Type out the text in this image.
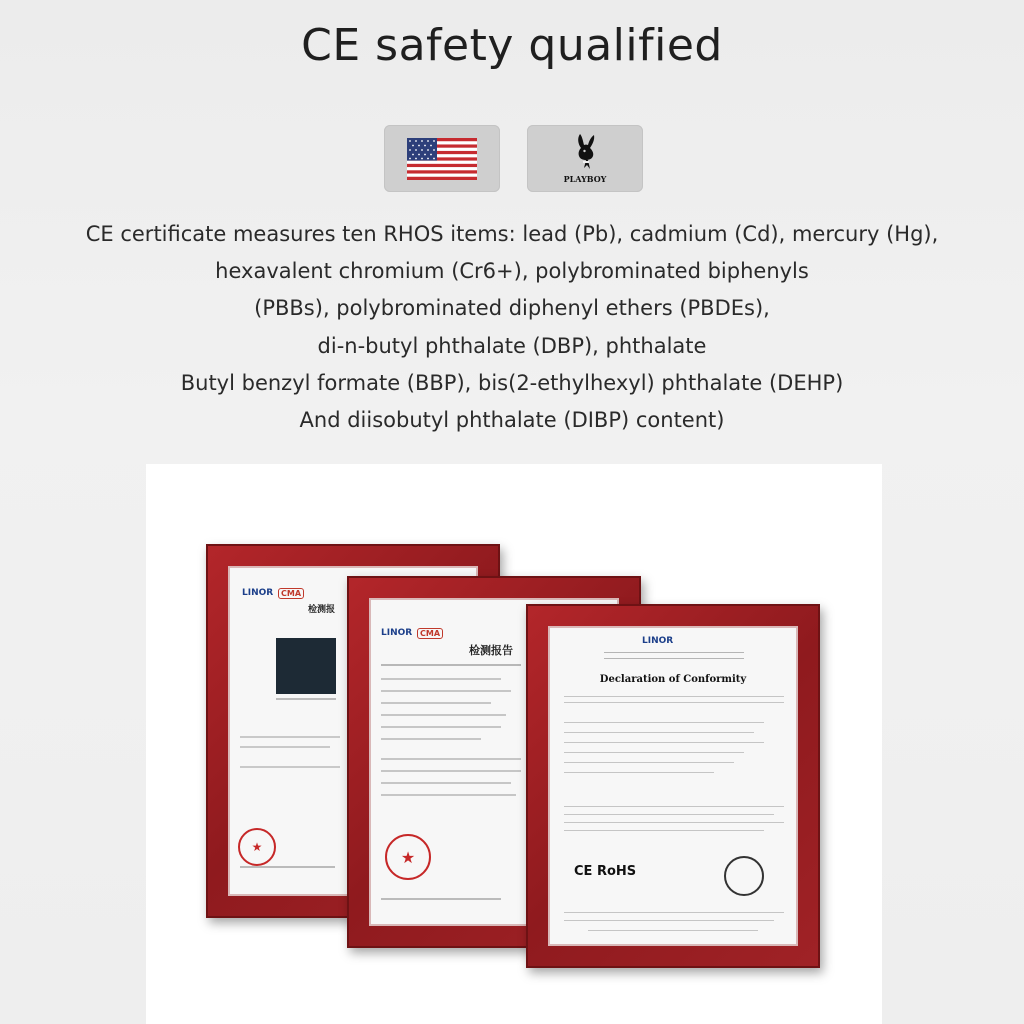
CE safety qualified
PLAYBOY
CE certificate measures ten RHOS items: lead (Pb), cadmium (Cd), mercury (Hg),
hexavalent chromium (Cr6+), polybrominated biphenyls
(PBBs), polybrominated diphenyl ethers (PBDEs),
di-n-butyl phthalate (DBP), phthalate
Butyl benzyl formate (BBP), bis(2-ethylhexyl) phthalate (DEHP)
And diisobutyl phthalate (DIBP) content)
LINOR CMA
检测报
★
LINOR CMA
检测报告
★
LINOR
Declaration of Conformity
CE RoHS
